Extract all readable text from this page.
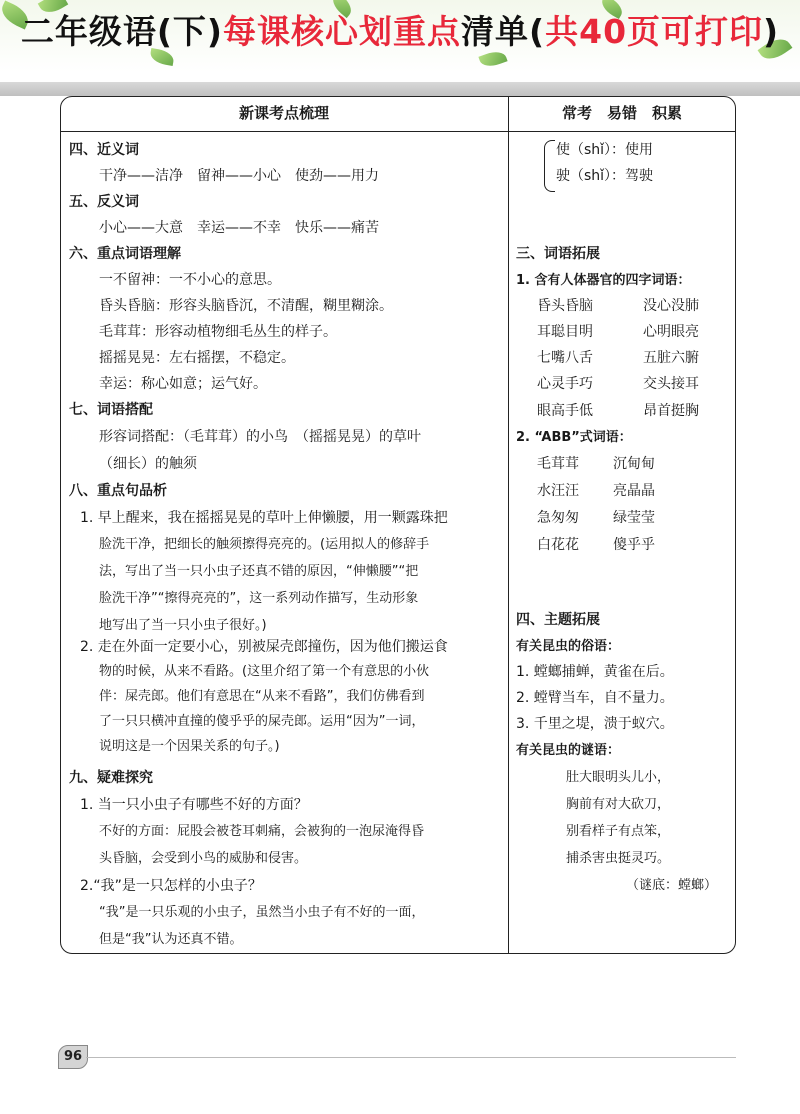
二年级语(下)每课核心划重点清单(共40页可打印)
新课考点梳理	常考　易错　积累
四、近义词
干净——洁净　留神——小心　使劲——用力
五、反义词
小心——大意　幸运——不幸　快乐——痛苦
六、重点词语理解
一不留神：一不小心的意思。
昏头昏脑：形容头脑昏沉，不清醒，糊里糊涂。
毛茸茸：形容动植物细毛丛生的样子。
摇摇晃晃：左右摇摆，不稳定。
幸运：称心如意；运气好。
七、词语搭配
形容词搭配：（毛茸茸）的小鸟　（摇摇晃晃）的草叶
（细长）的触须
八、重点句品析
1. 早上醒来，我在摇摇晃晃的草叶上伸懒腰，用一颗露珠把
脸洗干净，把细长的触须擦得亮亮的。(运用拟人的修辞手
法，写出了当一只小虫子还真不错的原因，“伸懒腰”“把
脸洗干净”“擦得亮亮的”，这一系列动作描写，生动形象
地写出了当一只小虫子很好。)
2. 走在外面一定要小心，别被屎壳郎撞伤，因为他们搬运食
物的时候，从来不看路。(这里介绍了第一个有意思的小伙
伴：屎壳郎。他们有意思在“从来不看路”，我们仿佛看到
了一只只横冲直撞的傻乎乎的屎壳郎。运用“因为”一词，
说明这是一个因果关系的句子。)
九、疑难探究
1. 当一只小虫子有哪些不好的方面？
不好的方面：屁股会被苍耳刺痛，会被狗的一泡尿淹得昏
头昏脑，会受到小鸟的威胁和侵害。
2.“我”是一只怎样的小虫子？
“我”是一只乐观的小虫子，虽然当小虫子有不好的一面，
但是“我”认为还真不错。
使（shǐ）：使用
驶（shǐ）：驾驶
三、词语拓展
1. 含有人体器官的四字词语：
昏头昏脑	没心没肺
耳聪目明	心明眼亮
七嘴八舌	五脏六腑
心灵手巧	交头接耳
眼高手低	昂首挺胸
2. “ABB”式词语：
毛茸茸 沉甸甸
水汪汪 亮晶晶
急匆匆 绿莹莹
白花花 傻乎乎
四、主题拓展
有关昆虫的俗语：
1. 螳螂捕蝉，黄雀在后。
2. 螳臂当车，自不量力。
3. 千里之堤，溃于蚁穴。
有关昆虫的谜语：
肚大眼明头儿小，
胸前有对大砍刀，
别看样子有点笨，
捕杀害虫挺灵巧。
（谜底：螳螂）
96
